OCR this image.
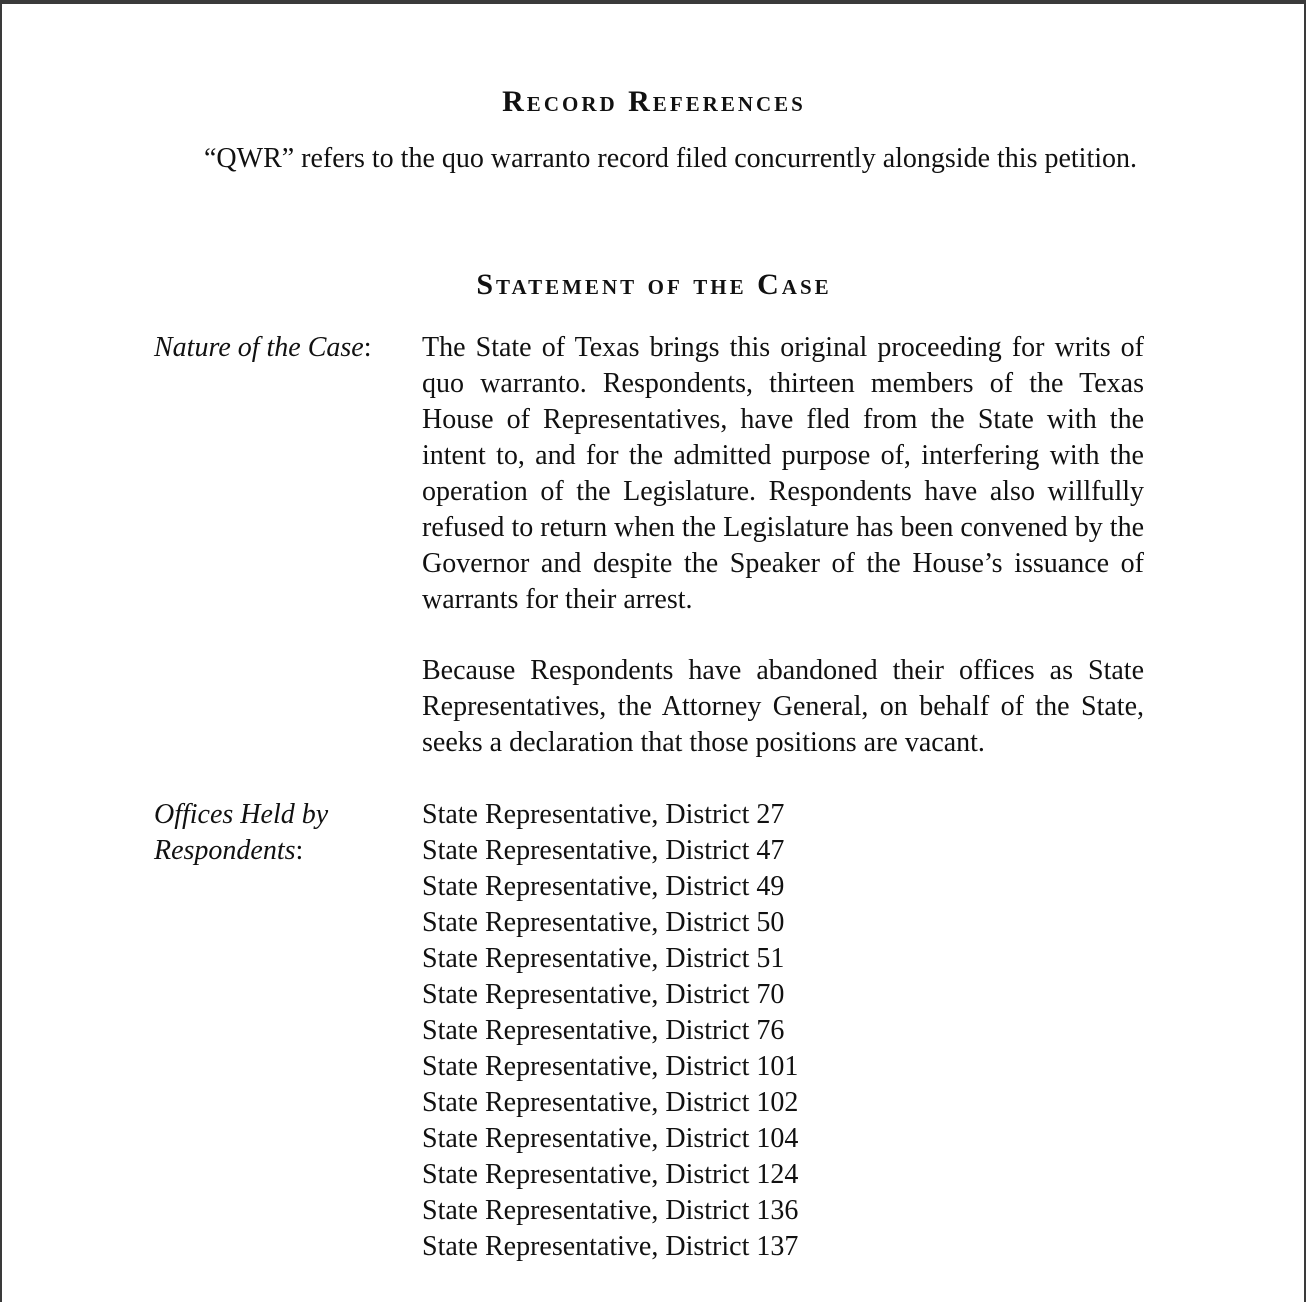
Record References

“QWR” refers to the quo warranto record filed concurrently alongside this petition.

Statement of the Case

Nature of the Case:	The State of Texas brings this original proceeding for writs of quo warranto. Respondents, thirteen members of the Texas House of Representatives, have fled from the State with the intent to, and for the admitted purpose of, interfering with the operation of the Legislature. Respondents have also willfully refused to return when the Legislature has been convened by the Governor and despite the Speaker of the House’s issuance of warrants for their arrest.

Because Respondents have abandoned their offices as State Representatives, the Attorney General, on behalf of the State, seeks a declaration that those positions are vacant.

Offices Held by
Respondents:

State Representative, District 27
State Representative, District 47
State Representative, District 49
State Representative, District 50
State Representative, District 51
State Representative, District 70
State Representative, District 76
State Representative, District 101
State Representative, District 102
State Representative, District 104
State Representative, District 124
State Representative, District 136
State Representative, District 137
